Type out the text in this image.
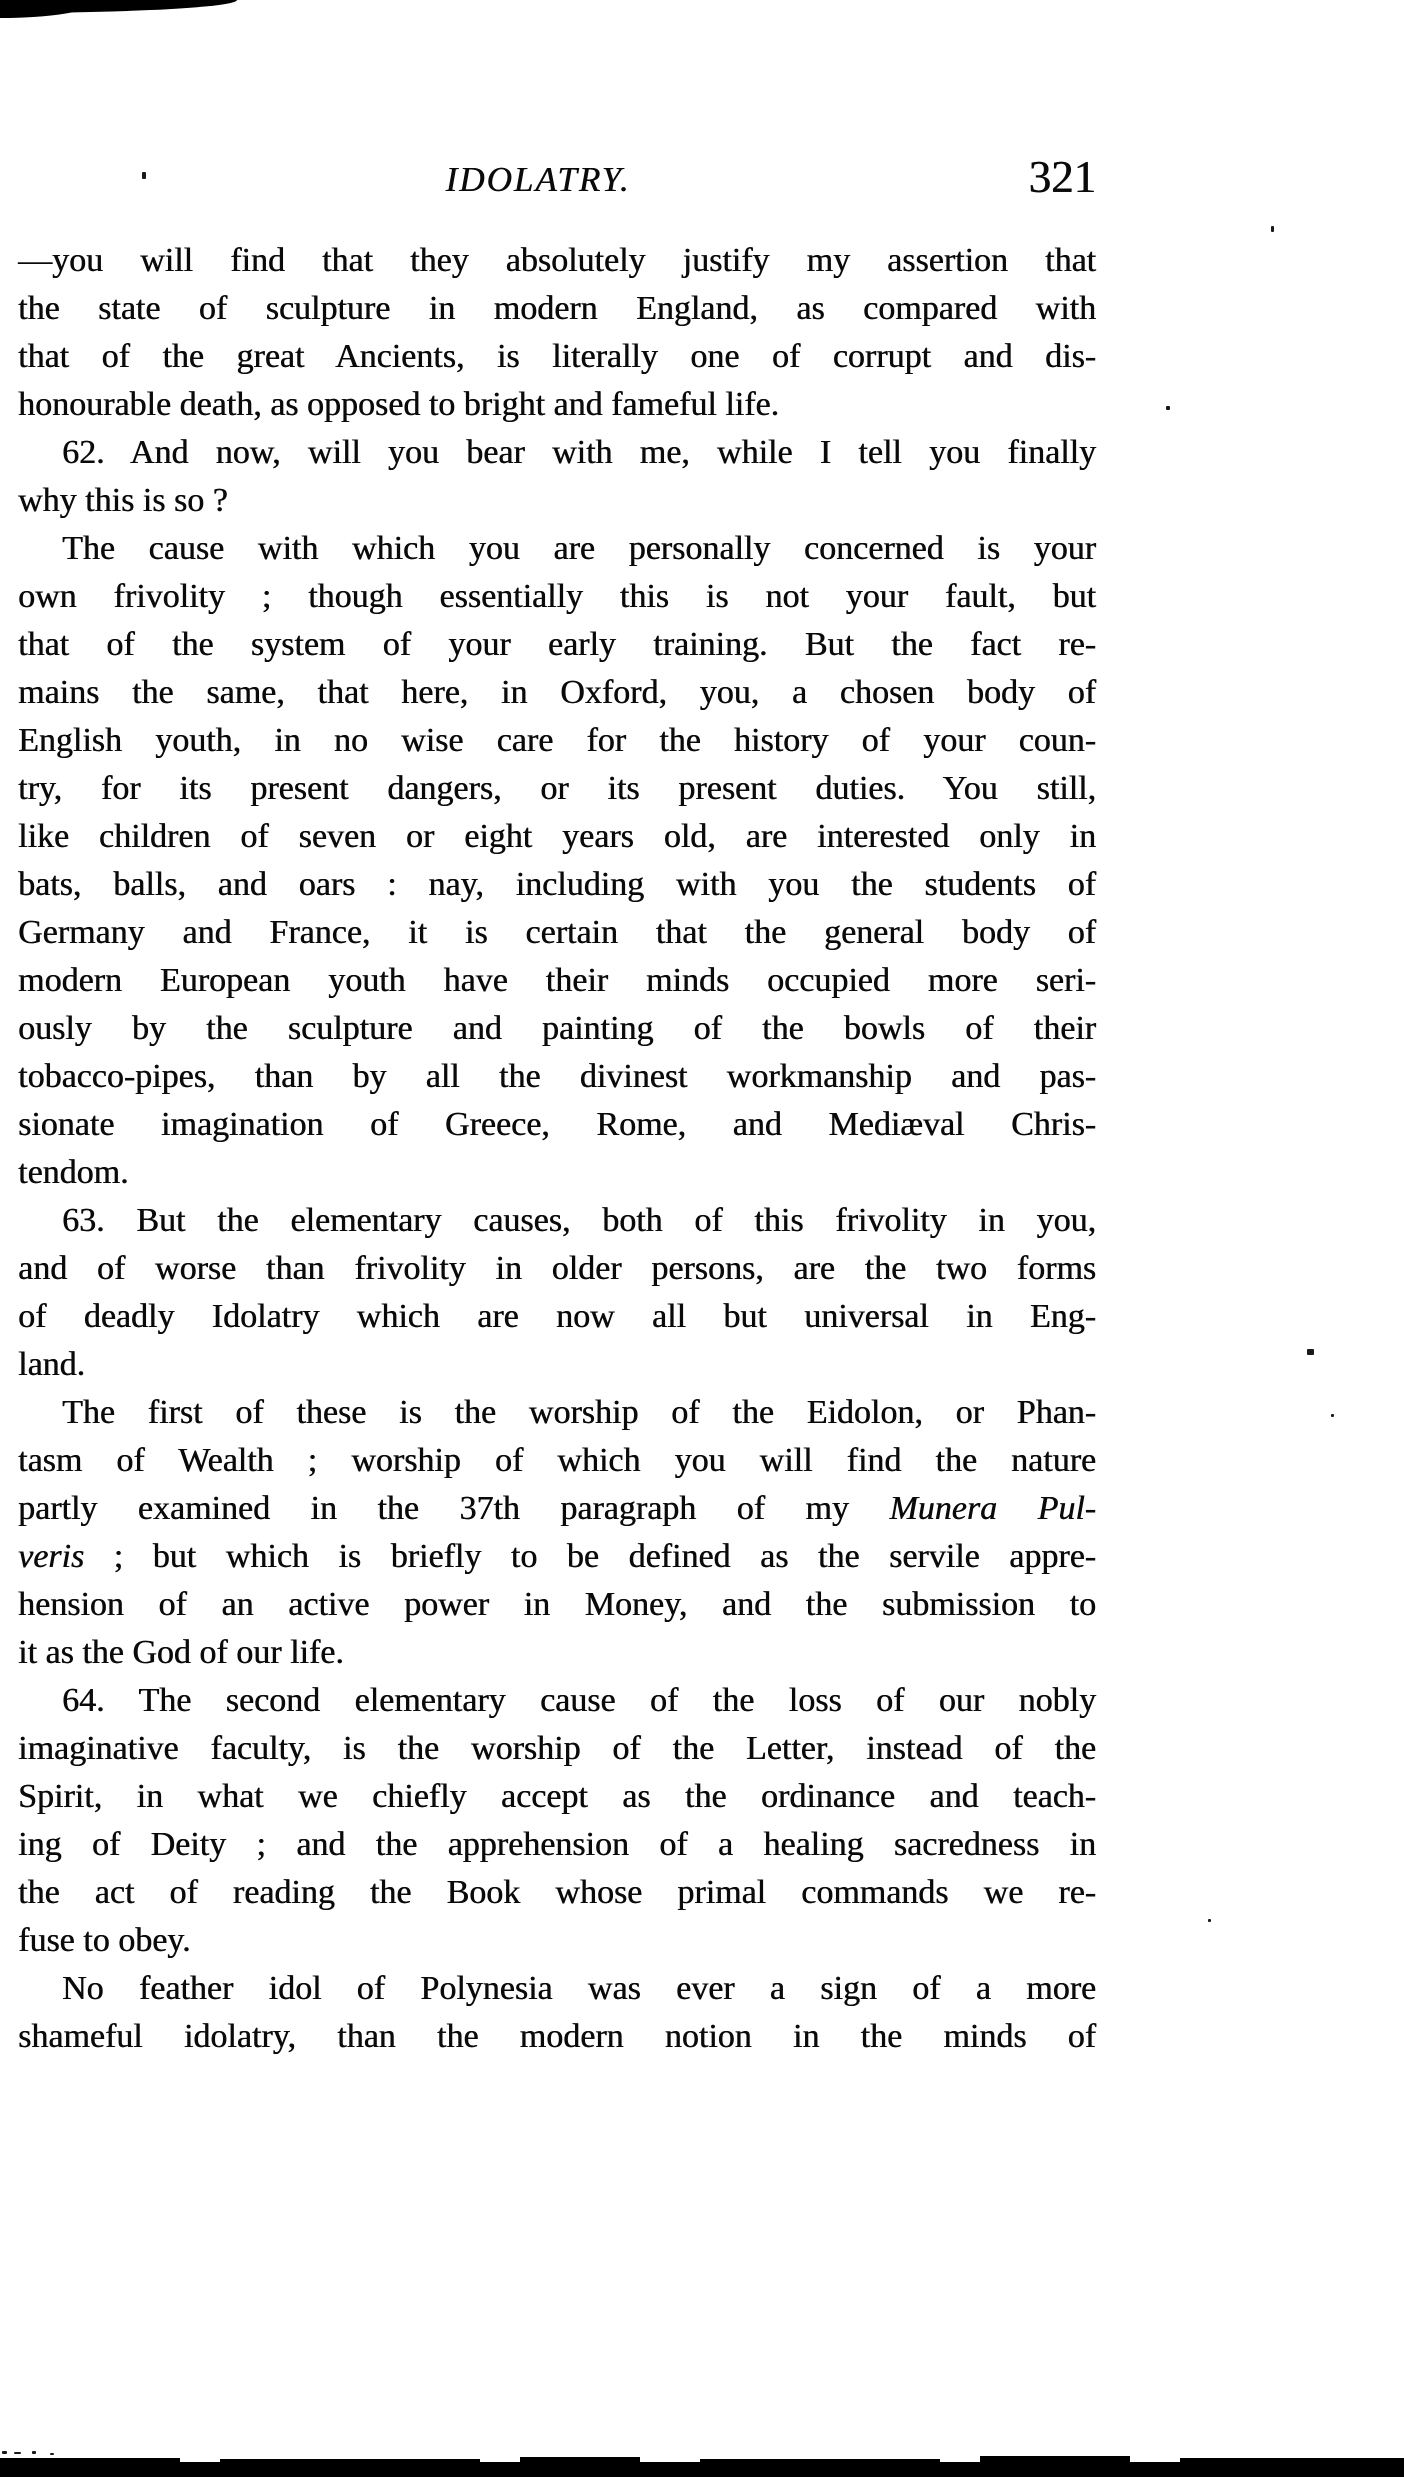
IDOLATRY.	321
—you will find that they absolutely justify my assertion that
the state of sculpture in modern England, as compared with
that of the great Ancients, is literally one of corrupt and dis-
honourable death, as opposed to bright and fameful life.
62. And now, will you bear with me, while I tell you finally
why this is so ?
The cause with which you are personally concerned is your
own frivolity ; though essentially this is not your fault, but
that of the system of your early training. But the fact re-
mains the same, that here, in Oxford, you, a chosen body of
English youth, in no wise care for the history of your coun-
try, for its present dangers, or its present duties. You still,
like children of seven or eight years old, are interested only in
bats, balls, and oars : nay, including with you the students of
Germany and France, it is certain that the general body of
modern European youth have their minds occupied more seri-
ously by the sculpture and painting of the bowls of their
tobacco-pipes, than by all the divinest workmanship and pas-
sionate imagination of Greece, Rome, and Mediæval Chris-
tendom.
63. But the elementary causes, both of this frivolity in you,
and of worse than frivolity in older persons, are the two forms
of deadly Idolatry which are now all but universal in Eng-
land.
The first of these is the worship of the Eidolon, or Phan-
tasm of Wealth ; worship of which you will find the nature
partly examined in the 37th paragraph of my Munera Pul-
veris ; but which is briefly to be defined as the servile appre-
hension of an active power in Money, and the submission to
it as the God of our life.
64. The second elementary cause of the loss of our nobly
imaginative faculty, is the worship of the Letter, instead of the
Spirit, in what we chiefly accept as the ordinance and teach-
ing of Deity ; and the apprehension of a healing sacredness in
the act of reading the Book whose primal commands we re-
fuse to obey.
No feather idol of Polynesia was ever a sign of a more
shameful idolatry, than the modern notion in the minds of
